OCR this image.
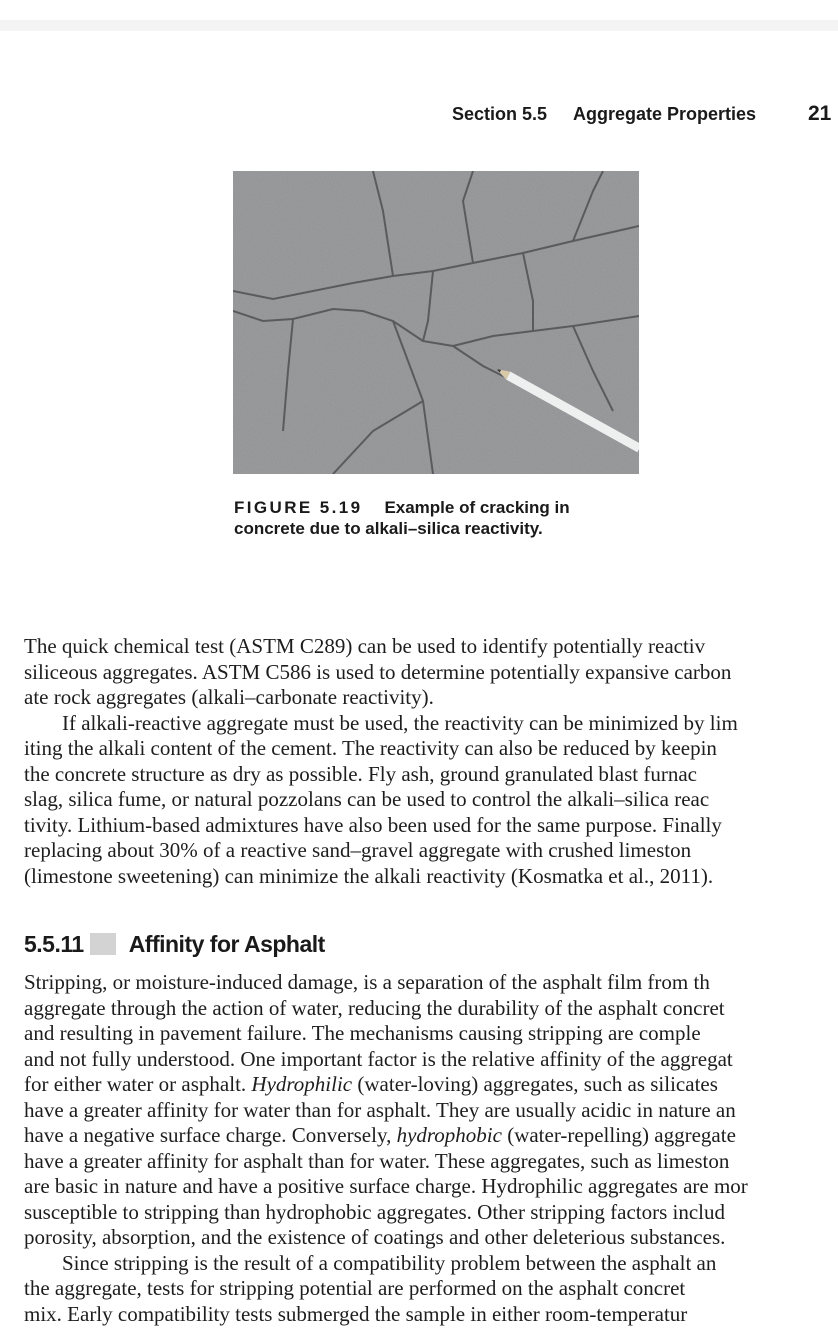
Section 5.5 Aggregate Properties 21
FIGURE 5.19 Example of cracking in
concrete due to alkali–silica reactivity.
The quick chemical test (ASTM C289) can be used to identify potentially reactiv
siliceous aggregates. ASTM C586 is used to determine potentially expansive carbon
ate rock aggregates (alkali–carbonate reactivity).
If alkali-reactive aggregate must be used, the reactivity can be minimized by lim
iting the alkali content of the cement. The reactivity can also be reduced by keepin
the concrete structure as dry as possible. Fly ash, ground granulated blast furnac
slag, silica fume, or natural pozzolans can be used to control the alkali–silica reac
tivity. Lithium-based admixtures have also been used for the same purpose. Finally
replacing about 30% of a reactive sand–gravel aggregate with crushed limeston
(limestone sweetening) can minimize the alkali reactivity (Kosmatka et al., 2011).
5.5.11 Affinity for Asphalt
Stripping, or moisture-induced damage, is a separation of the asphalt film from th
aggregate through the action of water, reducing the durability of the asphalt concret
and resulting in pavement failure. The mechanisms causing stripping are comple
and not fully understood. One important factor is the relative affinity of the aggregat
for either water or asphalt. Hydrophilic (water-loving) aggregates, such as silicates
have a greater affinity for water than for asphalt. They are usually acidic in nature an
have a negative surface charge. Conversely, hydrophobic (water-repelling) aggregate
have a greater affinity for asphalt than for water. These aggregates, such as limeston
are basic in nature and have a positive surface charge. Hydrophilic aggregates are mor
susceptible to stripping than hydrophobic aggregates. Other stripping factors includ
porosity, absorption, and the existence of coatings and other deleterious substances.
Since stripping is the result of a compatibility problem between the asphalt an
the aggregate, tests for stripping potential are performed on the asphalt concret
mix. Early compatibility tests submerged the sample in either room-temperatur
